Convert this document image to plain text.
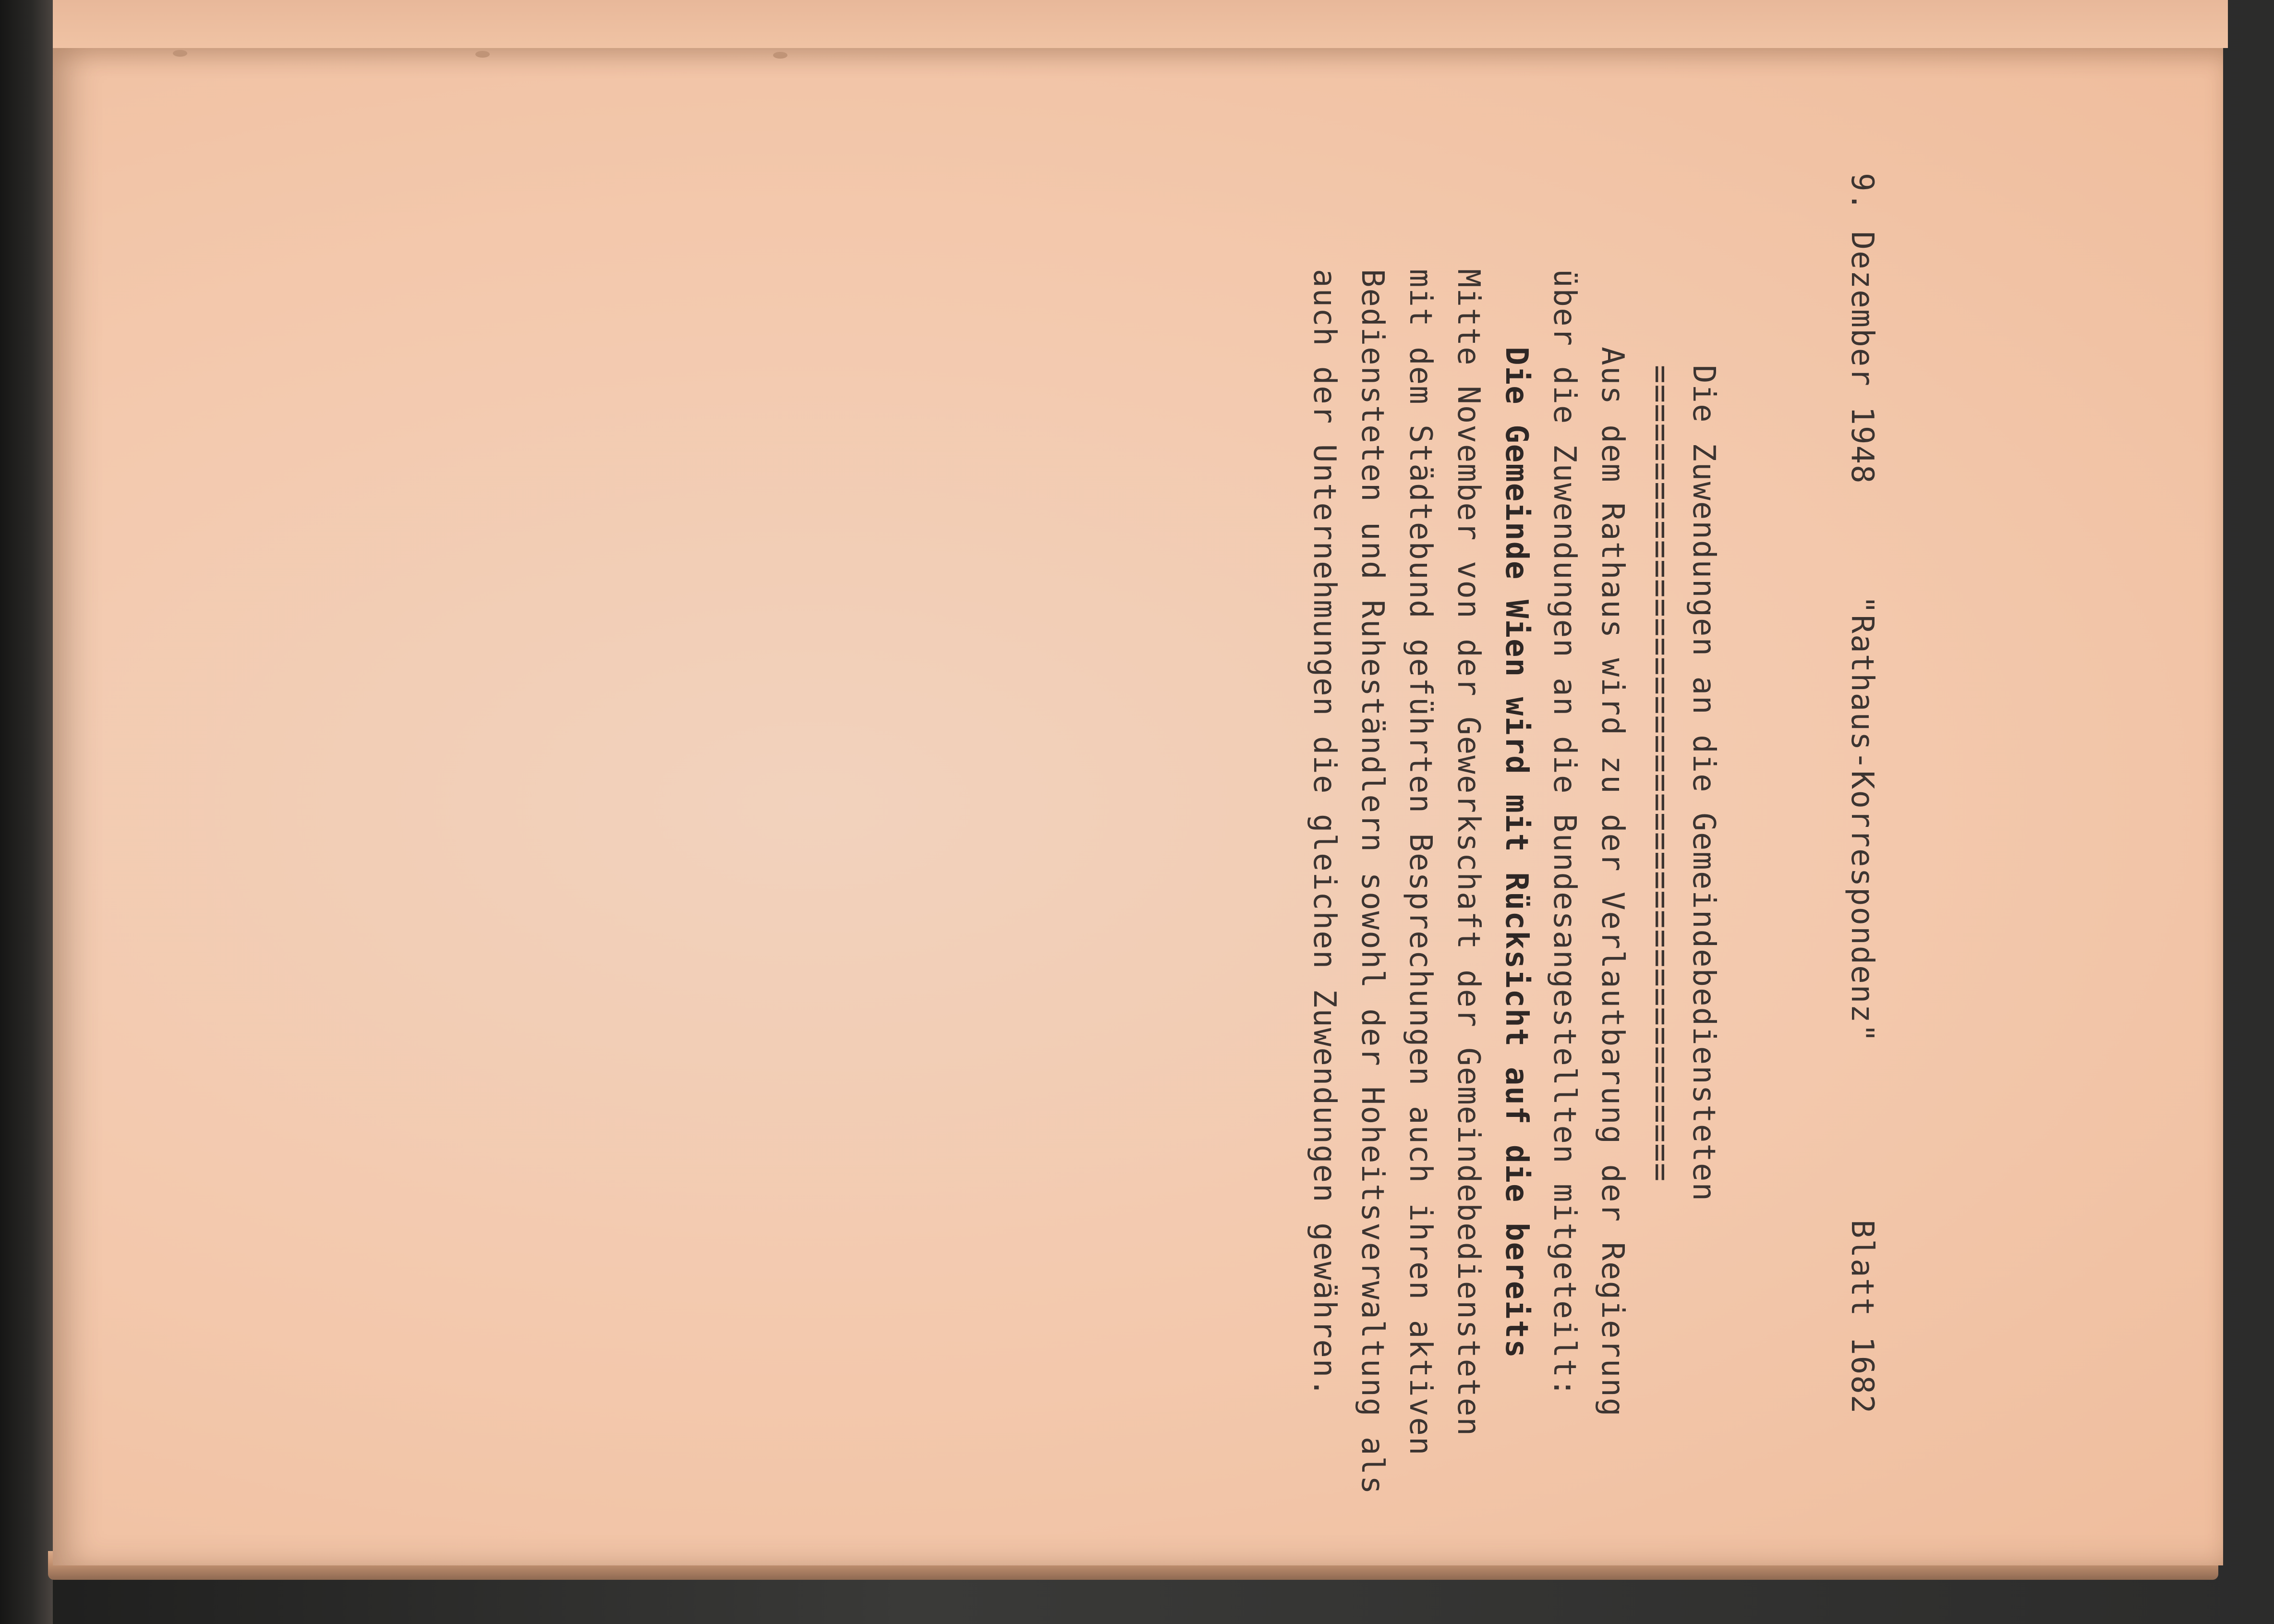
9. Dezember 1948
"Rathaus-Korrespondenz"
Blatt 1682
Die Zuwendungen an die Gemeindebediensteten
==========================================
Aus dem Rathaus wird zu der Verlautbarung der Regierung
über die Zuwendungen an die Bundesangestellten mitgeteilt:
Die Gemeinde Wien wird mit Rücksicht auf die bereits
Mitte November von der Gewerkschaft der Gemeindebediensteten
mit dem Städtebund geführten Besprechungen auch ihren aktiven
Bediensteten und Ruheständlern sowohl der Hoheitsverwaltung als
auch der Unternehmungen die gleichen Zuwendungen gewähren.
